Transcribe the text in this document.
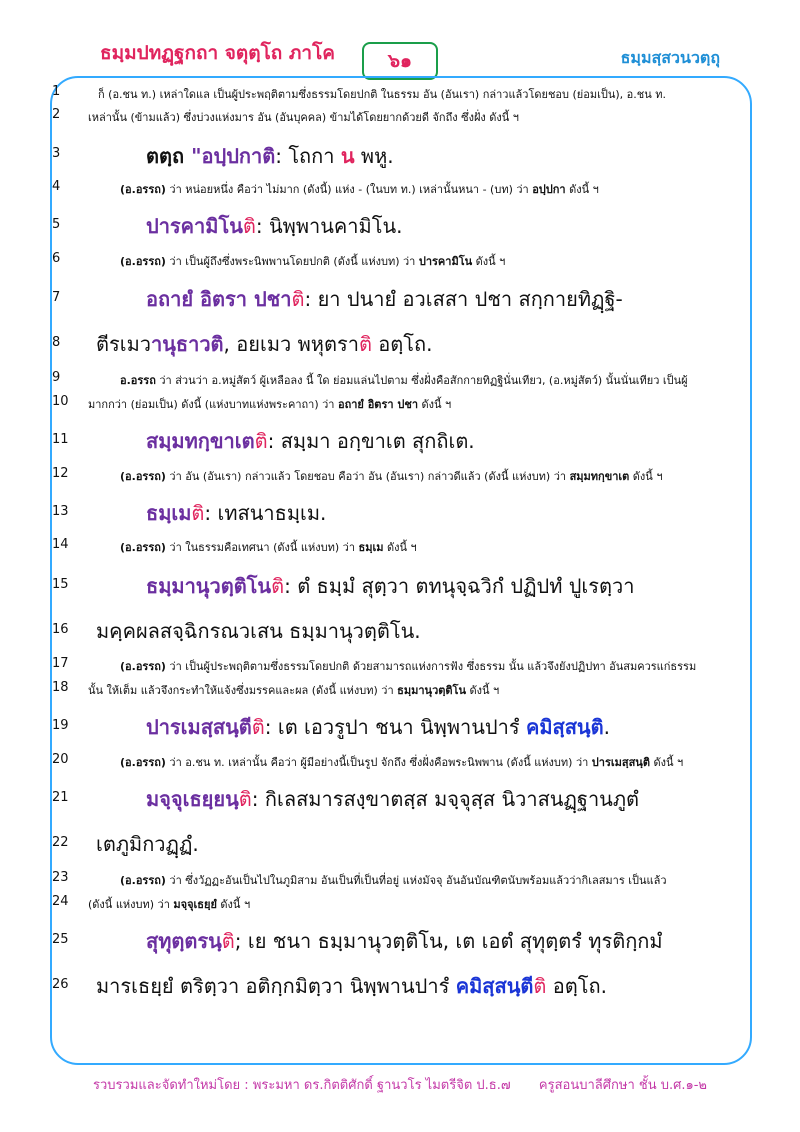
ธมฺมปทฏฺฐกถา จตุตฺโถ ภาโค	๖๑	ธมฺมสฺสวนวตฺถุ
1
2
3
4
5
6
7
8
9
10
11
12
13
14
15
16
17
18
19
20
21
22
23
24
25
26
ก็ (อ.ชน ท.) เหล่าใดแล เป็นผู้ประพฤติตามซึ่งธรรมโดยปกติ ในธรรม อัน (อันเรา) กล่าวแล้วโดยชอบ (ย่อมเป็น), อ.ชน ท.
เหล่านั้น (ข้ามแล้ว) ซึ่งบ่วงแห่งมาร อัน (อันบุคคล) ข้ามได้โดยยากด้วยดี จักถึง ซึ่งฝั่ง ดังนี้ ฯ
ตตฺถ "อปฺปกาติ: โถกา น พหู.
(อ.อรรถ) ว่า หน่อยหนึ่ง คือว่า ไม่มาก (ดังนี้) แห่ง - (ในบท ท.) เหล่านั้นหนา - (บท) ว่า อปฺปกา ดังนี้ ฯ
ปารคามิโนติ: นิพฺพานคามิโน.
(อ.อรรถ) ว่า เป็นผู้ถึงซึ่งพระนิพพานโดยปกติ (ดังนี้ แห่งบท) ว่า ปารคามิโน ดังนี้ ฯ
อถายํ อิตรา ปชาติ: ยา ปนายํ อวเสสา ปชา สกฺกายทิฏฺฐิ-
ตีรเมวานุธาวติ, อยเมว พหุตราติ อตฺโถ.
อ.อรรถ ว่า ส่วนว่า อ.หมู่สัตว์ ผู้เหลือลง นี้ ใด ย่อมแล่นไปตาม ซึ่งฝั่งคือสักกายทิฏฐินั่นเทียว, (อ.หมู่สัตว์) นั้นนั่นเทียว เป็นผู้
มากกว่า (ย่อมเป็น) ดังนี้ (แห่งบาทแห่งพระคาถา) ว่า อถายํ อิตรา ปชา ดังนี้ ฯ
สมฺมทกฺขาเตติ: สมฺมา อกฺขาเต สุกถิเต.
(อ.อรรถ) ว่า อัน (อันเรา) กล่าวแล้ว โดยชอบ คือว่า อัน (อันเรา) กล่าวดีแล้ว (ดังนี้ แห่งบท) ว่า สมฺมทกฺขาเต ดังนี้ ฯ
ธมฺเมติ: เทสนาธมฺเม.
(อ.อรรถ) ว่า ในธรรมคือเทศนา (ดังนี้ แห่งบท) ว่า ธมฺเม ดังนี้ ฯ
ธมฺมานุวตฺติโนติ: ตํ ธมฺมํ สุตฺวา ตทนุจฺฉวิกํ ปฏิปทํ ปูเรตฺวา
มคฺคผลสจฺฉิกรณวเสน ธมฺมานุวตฺติโน.
(อ.อรรถ) ว่า เป็นผู้ประพฤติตามซึ่งธรรมโดยปกติ ด้วยสามารถแห่งการฟัง ซึ่งธรรม นั้น แล้วจึงยังปฏิปทา อันสมควรแก่ธรรม
นั้น ให้เต็ม แล้วจึงกระทำให้แจ้งซึ่งมรรคและผล (ดังนี้ แห่งบท) ว่า ธมฺมานุวตฺติโน ดังนี้ ฯ
ปารเมสฺสนฺตีติ: เต เอวรูปา ชนา นิพฺพานปารํ คมิสฺสนฺติ.
(อ.อรรถ) ว่า อ.ชน ท. เหล่านั้น คือว่า ผู้มีอย่างนี้เป็นรูป จักถึง ซึ่งฝั่งคือพระนิพพาน (ดังนี้ แห่งบท) ว่า ปารเมสฺสนฺติ ดังนี้ ฯ
มจฺจุเธยฺยนฺติ: กิเลสมารสงฺขาตสฺส มจฺจุสฺส นิวาสนฏฺฐานภูตํ
เตภูมิกวฏฺฏํ.
(อ.อรรถ) ว่า ซึ่งวัฏฏะอันเป็นไปในภูมิสาม อันเป็นที่เป็นที่อยู่ แห่งมัจจุ อันอันบัณฑิตนับพร้อมแล้วว่ากิเลสมาร เป็นแล้ว
(ดังนี้ แห่งบท) ว่า มจฺจุเธยฺยํ ดังนี้ ฯ
สุทุตฺตรนฺติ; เย ชนา ธมฺมานุวตฺติโน, เต เอตํ สุทุตฺตรํ ทุรติกฺกมํ
มารเธยฺยํ ตริตฺวา อติกฺกมิตฺวา นิพฺพานปารํ คมิสฺสนฺตีติ อตฺโถ.
รวบรวมและจัดทำใหม่โดย : พระมหา ดร.กิตติศักดิ์ ฐานวโร ไมตรีจิต ป.ธ.๗ ครูสอนบาลีศึกษา ชั้น บ.ศ.๑-๒
